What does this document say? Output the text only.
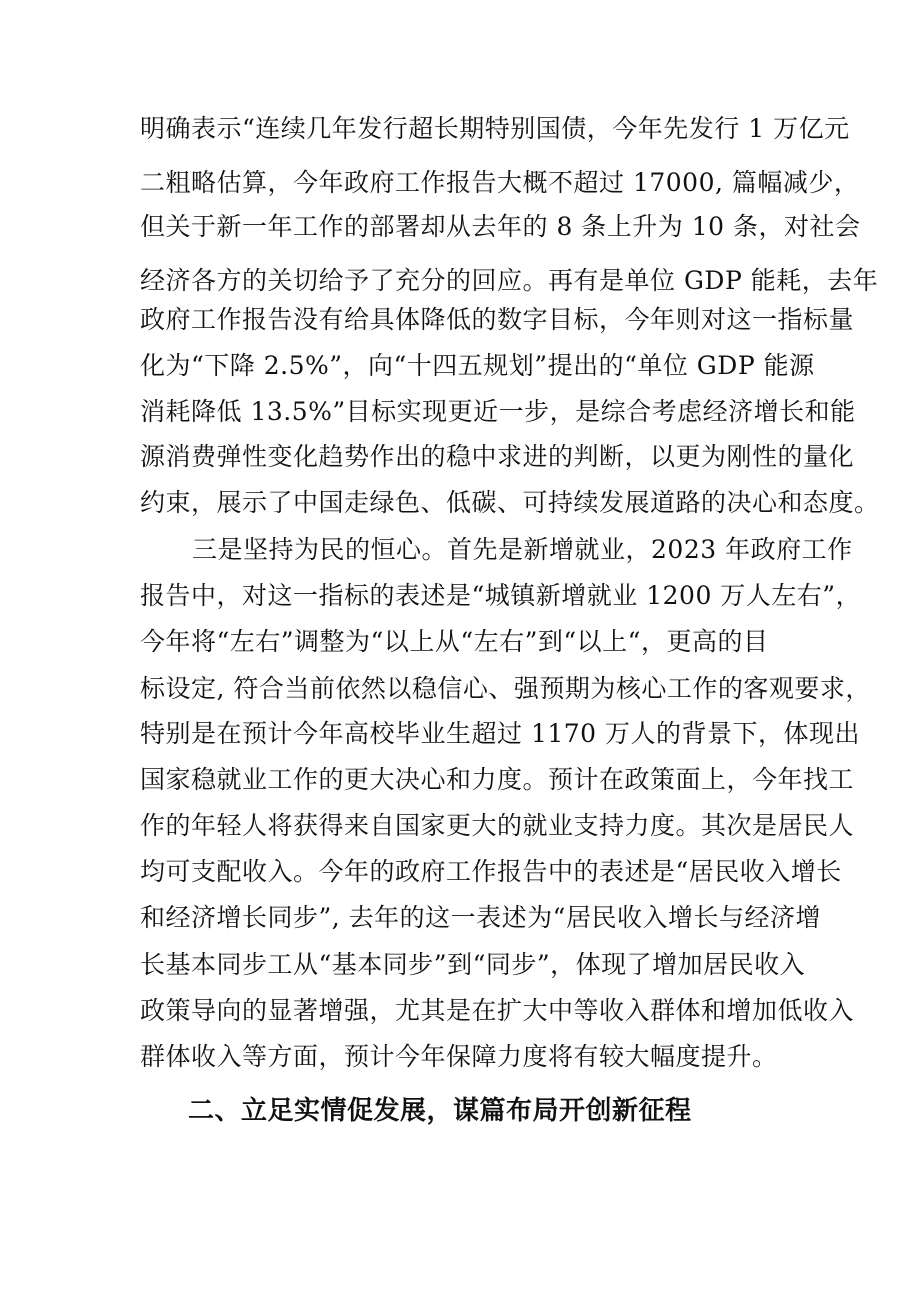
明确表示“连续几年发行超长期特别国债，今年先发行 1 万亿元
二粗略估算，今年政府工作报告大概不超过 17000, 篇幅减少，
但关于新一年工作的部署却从去年的 8 条上升为 10 条，对社会
经济各方的关切给予了充分的回应。再有是单位 GDP 能耗，去年
政府工作报告没有给具体降低的数字目标，今年则对这一指标量
化为“下降 2.5%”，向“十四五规划”提出的“单位 GDP 能源
消耗降低 13.5%”目标实现更近一步，是综合考虑经济增长和能
源消费弹性变化趋势作出的稳中求进的判断，以更为刚性的量化
约束，展示了中国走绿色、低碳、可持续发展道路的决心和态度。
三是坚持为民的恒心。首先是新增就业，2023 年政府工作
报告中，对这一指标的表述是“城镇新增就业 1200 万人左右”，
今年将“左右”调整为“以上从“左右”到“以上“，更高的目
标设定, 符合当前依然以稳信心、强预期为核心工作的客观要求，
特别是在预计今年高校毕业生超过 1170 万人的背景下，体现出
国家稳就业工作的更大决心和力度。预计在政策面上，今年找工
作的年轻人将获得来自国家更大的就业支持力度。其次是居民人
均可支配收入。今年的政府工作报告中的表述是“居民收入增长
和经济增长同步”, 去年的这一表述为“居民收入增长与经济增
长基本同步工从“基本同步”到“同步”，体现了增加居民收入
政策导向的显著增强，尤其是在扩大中等收入群体和增加低收入
群体收入等方面，预计今年保障力度将有较大幅度提升。
二、立足实情促发展，谋篇布局开创新征程
